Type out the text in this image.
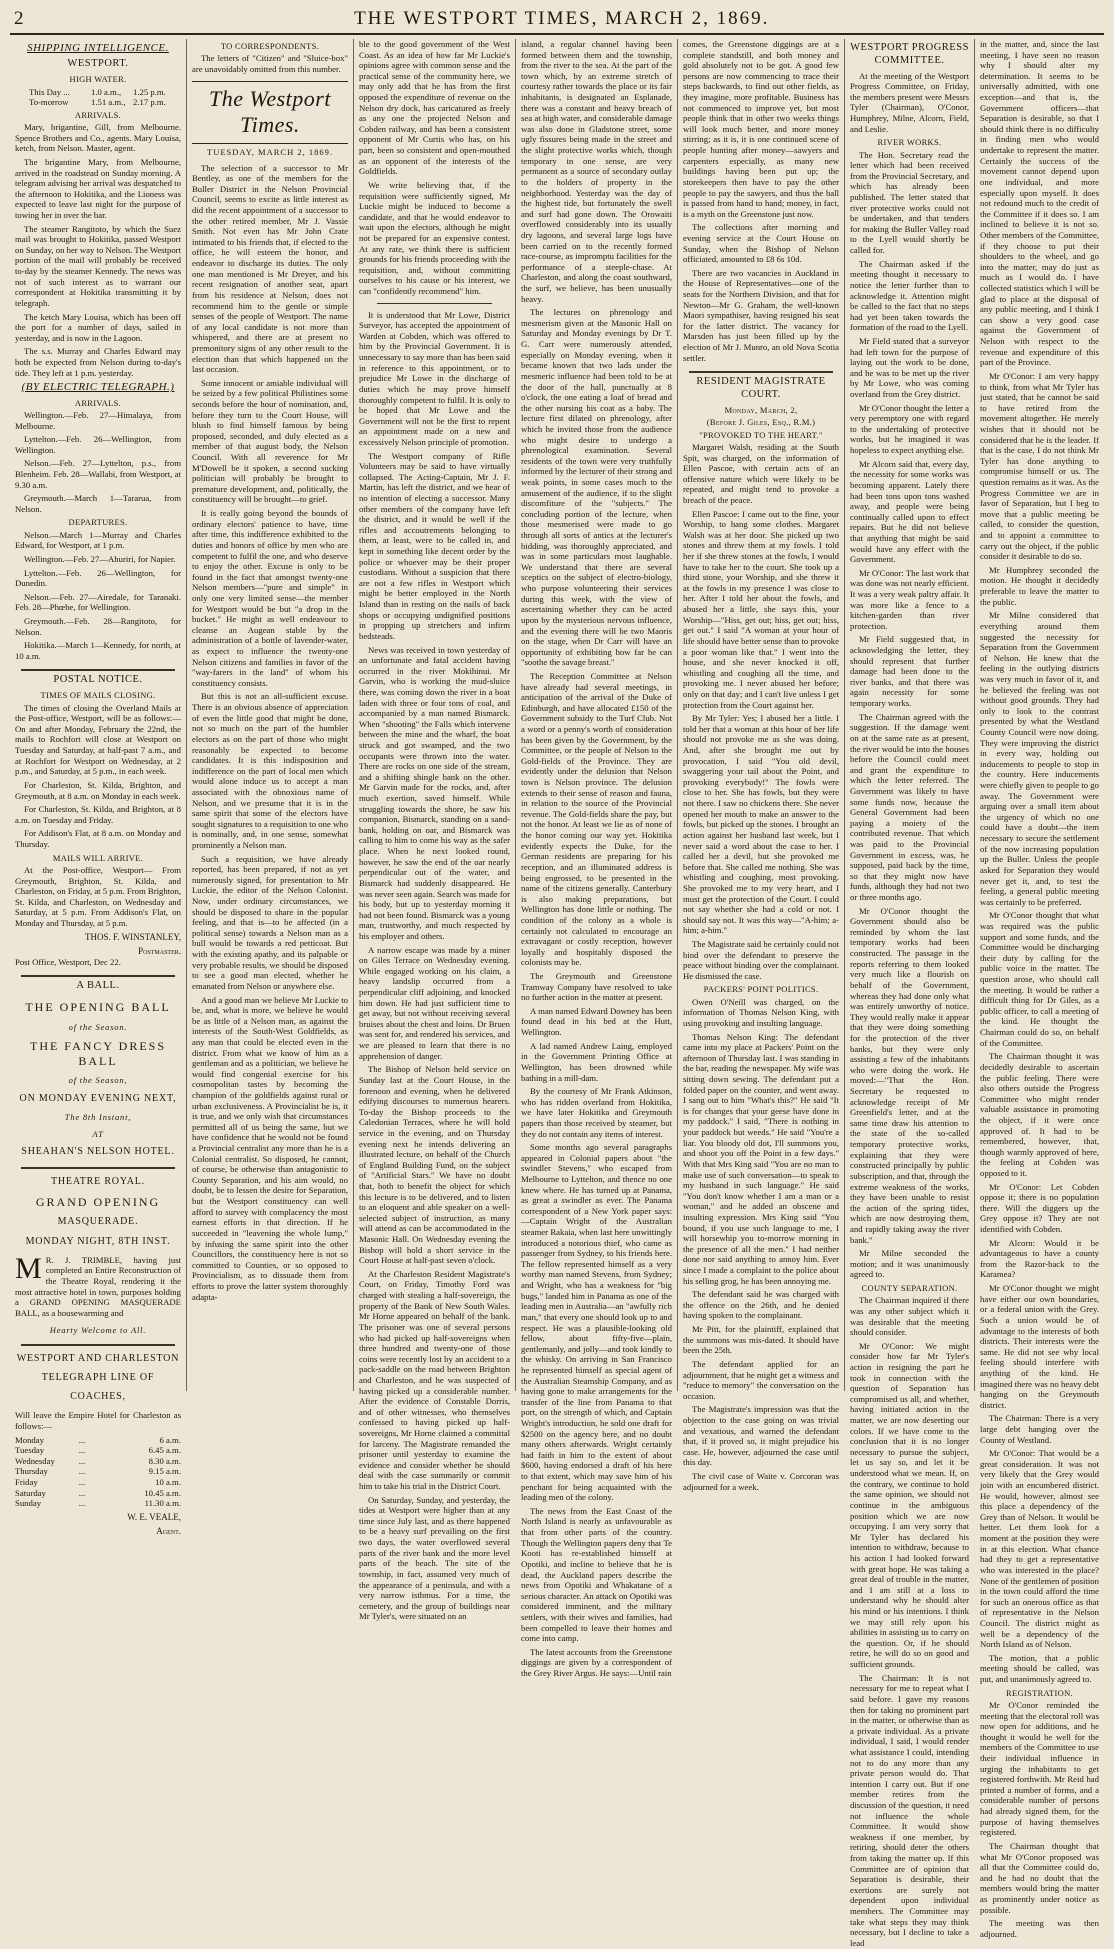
2	THE WESTPORT TIMES, MARCH 2, 1869.
SHIPPING INTELLIGENCE.
WESTPORT.
HIGH WATER.
This Day ...	1.0 a.m.,	1.25 p.m.
To-morrow	1.51 a.m., 2.17 p.m.
ARRIVALS.

Mary, brigantine, Gill, from Melbourne. Spence Brothers and Co., agents. Mary Louisa, ketch, from Nelson. Master, agent.

The brigantine Mary, from Melbourne, arrived in the roadstead on Sunday morning. A telegram advising her arrival was despatched to the afternoon to Hokitika, and the Lioness was expected to leave last night for the purpose of towing her in over the bar.

The steamer Rangitoto, by which the Suez mail was brought to Hokitika, passed Westport on Sunday, on her way to Nelson. The Westport portion of the mail will probably be received to-day by the steamer Kennedy. The news was not of such interest as to warrant our correspondent at Hokitika transmitting it by telegraph.

The ketch Mary Louisa, which has been off the port for a number of days, sailed in yesterday, and is now in the Lagoon.

The s.s. Murray and Charles Edward may both be expected from Nelson during to-day's tide. They left at 1 p.m. yesterday.

(BY ELECTRIC TELEGRAPH.)
ARRIVALS.

Wellington.—Feb. 27—Himalaya, from Melbourne.

Lyttelton.—Feb. 26—Wellington, from Wellington.

Nelson.—Feb. 27—Lyttelton, p.s., from Blenheim. Feb. 28—Wallabi, from Westport, at 9.30 a.m.

Greymouth.—March 1—Tararua, from Nelson.

DEPARTURES.

Nelson.—March 1—Murray and Charles Edward, for Westport, at 1 p.m.

Wellington.—Feb. 27—Ahuriri, for Napier.

Lyttelton.—Feb. 26—Wellington, for Dunedin.

Nelson.—Feb. 27—Airedale, for Taranaki. Feb. 28—Phœbe, for Wellington.

Greymouth.—Feb. 28—Rangitoto, for Nelson.

Hokitika.—March 1—Kennedy, for north, at 10 a.m.

POSTAL NOTICE.
TIMES OF MAILS CLOSING.

The times of closing the Overland Mails at the Post-office, Westport, will be as follows:—On and after Monday, February the 22nd, the mails to Rochfort will close at Westport on Tuesday and Saturday, at half-past 7 a.m., and at Rochfort for Westport on Wednesday, at 2 p.m., and Saturday, at 5 p.m., in each week.

For Charleston, St. Kilda, Brighton, and Greymouth, at 8 a.m. on Monday in each week.

For Charleston, St. Kilda, and Brighton, at 8 a.m. on Tuesday and Friday.

For Addison's Flat, at 8 a.m. on Monday and Thursday.

MAILS WILL ARRIVE.

At the Post-office, Westport— From Greymouth, Brighton, St. Kilda, and Charleston, on Friday, at 5 p.m. From Brighton, St. Kilda, and Charleston, on Wednesday and Saturday, at 5 p.m. From Addison's Flat, on Monday and Thursday, at 5 p.m.

THOS. F. WINSTANLEY,
Postmaster.

Post Office, Westport, Dec 22.

A BALL.
THE OPENING BALL
of the Season.
THE FANCY DRESS BALL
of the Season,
ON MONDAY EVENING NEXT,
The 8th Instant,
AT
SHEAHAN'S NELSON HOTEL.
THEATRE ROYAL.
GRAND OPENING
MASQUERADE.
MONDAY NIGHT, 8TH INST.

M R. J. TRIMBLE, having just completed an Entire Reconstruction of the Theatre Royal, rendering it the most attractive hotel in town, purposes holding a GRAND OPENING MASQUERADE BALL, as a housewarming and

Hearty Welcome to All.
WESTPORT AND CHARLESTON
TELEGRAPH LINE OF
COACHES,

Will leave the Empire Hotel for Charleston as follows:—

Monday	...	6 a.m.
Tuesday	...	6.45 a.m.
Wednesday	...	8.30 a.m.
Thursday	...	9.15 a.m.
Friday	...	10 a.m.
Saturday	...	10.45 a.m.
Sunday	...	11.30 a.m.
W. E. VEALE,
Agent.
TO CORRESPONDENTS.

The letters of "Citizen" and "Sluice-box" are unavoidably omitted from this number.

The Westport Times.
TUESDAY, MARCH 2, 1869.

The selection of a successor to Mr Bentley, as one of the members for the Buller District in the Nelson Provincial Council, seems to excite as little interest as did the recent appointment of a successor to the other retired member, Mr J. Vassie Smith. Not even has Mr John Crate intimated to his friends that, if elected to the office, he will esteem the honor, and endeavor to discharge its duties. The only one man mentioned is Mr Dreyer, and his recent resignation of another seat, apart from his residence at Nelson, does not recommend him to the gentle or simple senses of the people of Westport. The name of any local candidate is not more than whispered, and there are at present no premonitory signs of any other result to the election than that which happened on the last occasion.

Some innocent or amiable individual will be seized by a few political Philistines some seconds before the hour of nomination, and, before they turn to the Court House, will blush to find himself famous by being proposed, seconded, and duly elected as a member of that august body, the Nelson Council. With all reverence for Mr M'Dowell be it spoken, a second sucking politician will probably be brought to premature development, and, politically, the constituency will be brought—to grief.

It is really going beyond the bounds of ordinary electors' patience to have, time after time, this indifference exhibited to the duties and honors of office by men who are competent to fulfil the one, and who deserve to enjoy the other. Excuse is only to be found in the fact that amongst twenty-one Nelson members—"pure and simple" in only one very limited sense—the member for Westport would be but "a drop in the bucket." He might as well endeavour to cleanse an Augean stable by the administration of a bottle of lavender-water, as expect to influence the twenty-one Nelson citizens and families in favor of the "way-farers in the land" of whom his constituency consists.

But this is not an all-sufficient excuse. There is an obvious absence of appreciation of even the little good that might be done, not so much on the part of the humbler electors as on the part of those who might reasonably be expected to become candidates. It is this indisposition and indifference on the part of local men which would alone induce us to accept a man associated with the obnoxious name of Nelson, and we presume that it is in the same spirit that some of the electors have sought signatures to a requisition to one who is nominally, and, in one sense, somewhat prominently a Nelson man.

Such a requisition, we have already reported, has been prepared, if not as yet numerously signed, for presentation to Mr Luckie, the editor of the Nelson Colonist. Now, under ordinary circumstances, we should be disposed to share in the popular feeling, and that is—to be affected (in a political sense) towards a Nelson man as a bull would be towards a red petticoat. But with the existing apathy, and its palpable or very probable results, we should be disposed to see a good man elected, whether he emanated from Nelson or anywhere else.

And a good man we believe Mr Luckie to be, and, what is more, we believe he would be as little of a Nelson man, as against the interests of the South-West Goldfields, as any man that could be elected even in the district. From what we know of him as a gentleman and as a politician, we believe he would find congenial exercise for his cosmopolitan tastes by becoming the champion of the goldfields against rural or urban exclusiveness. A Provincialist he is, it is true, and we only wish that circumstances permitted all of us being the same, but we have confidence that he would not be found a Provincial centralist any more than he is a Colonial centralist. So disposed, he cannot, of course, be otherwise than antagonistic to County Separation, and his aim would, no doubt, be to lessen the desire for Separation, but the Westport constituency can well afford to survey with complacency the most earnest efforts in that direction. If he succeeded in "leavening the whole lump," by infusing the same spirit into the other Councillors, the constituency here is not so committed to Counties, or so opposed to Provincialism, as to dissuade them from efforts to prove the latter system thoroughly adapta-

ble to the good government of the West Coast. As an idea of how far Mr Luckie's opinions agree with common sense and the practical sense of the community here, we may only add that he has from the first opposed the expenditure of revenue on the Nelson dry dock, has caricatured as freely as any one the projected Nelson and Cobden railway, and has been a consistent opponent of Mr Curtis who has, on his part, been so consistent and open-mouthed as an opponent of the interests of the Goldfields.

We write believing that, if the requisition were sufficiently signed, Mr Luckie might be induced to become a candidate, and that he would endeavor to wait upon the electors, although he might not be prepared for an expensive contest. At any rate, we think there is sufficient grounds for his friends proceeding with the requisition, and, without committing ourselves to his cause or his interest, we can "confidently recommend" him.

It is understood that Mr Lowe, District Surveyor, has accepted the appointment of Warden at Cobden, which was offered to him by the Provincial Government. It is unnecessary to say more than has been said in reference to this appointment, or to prejudice Mr Lowe in the discharge of duties which he may prove himself thoroughly competent to fulfil. It is only to be hoped that Mr Lowe and the Government will not be the first to repent an appointment made on a new and excessively Nelson principle of promotion.

The Westport company of Rifle Volunteers may be said to have virtually collapsed. The Acting-Captain, Mr J. F. Martin, has left the district, and we hear of no intention of electing a successor. Many other members of the company have left the district, and it would be well if the rifles and accoutrements belonging to them, at least, were to be called in, and kept in something like decent order by the police or whoever may be their proper custodians. Without a suspicion that there are not a few rifles in Westport which might be better employed in the North Island than in resting on the nails of back shops or occupying undignified positions in propping up stretchers and infirm bedsteads.

News was received in town yesterday of an unfortunate and fatal accident having occurred in the river Mokihinui. Mr Garvin, who is working the mud-sluice there, was coming down the river in a boat laden with three or four tons of coal, and accompanied by a man named Bismarck. When "shooting" the Falls which intervene between the mine and the wharf, the boat struck and got swamped, and the two occupants were thrown into the water. There are rocks on one side of the stream, and a shifting shingle bank on the other. Mr Garvin made for the rocks, and, after much exertion, saved himself. While struggling towards the shore, he saw his companion, Bismarck, standing on a sand-bank, holding on oar, and Bismarck was calling to him to come his way as the safer place. When he next looked round, however, he saw the end of the oar nearly perpendicular out of the water, and Bismarck had suddenly disappeared. He was never seen again. Search was made for his body, but up to yesterday morning it had not been found. Bismarck was a young man, trustworthy, and much respected by his employer and others.

A narrow escape was made by a miner on Giles Terrace on Wednesday evening. While engaged working on his claim, a heavy landslip occurred from a perpendicular cliff adjoining, and knocked him down. He had just sufficient time to get away, but not without receiving several bruises about the chest and loins. Dr Bruen was sent for, and rendered his services, and we are pleased to learn that there is no apprehension of danger.

The Bishop of Nelson held service on Sunday last at the Court House, in the forenoon and evening, when he delivered edifying discourses to numerous hearers. To-day the Bishop proceeds to the Caledonian Terraces, where he will hold service in the evening, and on Thursday evening next he intends delivering an illustrated lecture, on behalf of the Church of England Building Fund, on the subject of "Artificial Stars." We have no doubt that, both to benefit the object for which this lecture is to be delivered, and to listen to an eloquent and able speaker on a well-selected subject of instruction, as many will attend as can be accommodated in the Masonic Hall. On Wednesday evening the Bishop will hold a short service in the Court House at half-past seven o'clock.

At the Charleston Resident Magistrate's Court, on Friday, Timothy Ford was charged with stealing a half-sovereign, the property of the Bank of New South Wales. Mr Horne appeared on behalf of the bank. The prisoner was one of several persons who had picked up half-sovereigns when three hundred and twenty-one of those coins were recently lost by an accident to a pack-saddle on the road between Brighton and Charleston, and he was suspected of having picked up a considerable number. After the evidence of Constable Dorris, and of other witnesses, who themselves confessed to having picked up half-sovereigns, Mr Horne claimed a committal for larceny. The Magistrate remanded the prisoner until yesterday to examine the evidence and consider whether he should deal with the case summarily or commit him to take his trial in the District Court.

On Saturday, Sunday, and yesterday, the tides at Westport were higher than at any time since July last, and as there happened to be a heavy surf prevailing on the first two days, the water overflowed several parts of the river bank and the more level parts of the beach. The site of the township, in fact, assumed very much of the appearance of a peninsula, and with a very narrow isthmus. For a time, the cemetery, and the group of buildings near Mr Tyler's, were situated on an

island, a regular channel having been formed between them and the township, from the river to the sea. At the part of the town which, by an extreme stretch of courtesy rather towards the place or its fair inhabitants, is designated an Esplanade, there was a constant and heavy breach of sea at high water, and considerable damage was also done in Gladstone street, some ugly fissures being made in the street and the slight protective works which, though temporary in one sense, are very permanent as a source of secondary outlay to the holders of property in the neighborhood. Yesterday was the day of the highest tide, but fortunately the swell and surf had gone down. The Orowaiti overflowed considerably into its usually dry lagoons, and several large logs have been carried on to the recently formed race-course, as impromptu facilities for the performance of a steeple-chase. At Charleston, and along the coast southward, the surf, we believe, has been unusually heavy.

The lectures on phrenology and mesmerism given at the Masonic Hall on Saturday and Monday evenings by Dr T. G. Carr were numerously attended, especially on Monday evening, when it became known that two lads under the mesmeric influence had been told to be at the door of the hall, punctually at 8 o'clock, the one eating a loaf of bread and the other nursing his coat as a baby. The lecture first dilated on phrenology, after which he invited those from the audience who might desire to undergo a phrenological examination. Several residents of the town were very truthfully informed by the lecturer of their strong and weak points, in some cases much to the amusement of the audience, if to the slight discomfiture of the "subjects." The concluding portion of the lecture, when those mesmerised were made to go through all sorts of antics at the lecturer's bidding, was thoroughly appreciated, and was in some particulars most laughable. We understand that there are several sceptics on the subject of electro-biology, who purpose volunteering their services during this week, with the view of ascertaining whether they can be acted upon by the mysterious nervous influence, and the evening there will be two Maoris on the stage, when Dr Carr will have an opportunity of exhibiting how far he can "soothe the savage breast."

The Reception Committee at Nelson have already had several meetings, in anticipation of the arrival of the Duke of Edinburgh, and have allocated £150 of the Government subsidy to the Turf Club. Not a word or a penny's worth of consideration has been given by the Government, by the Committee, or the people of Nelson to the Gold-fields of the Province. They are evidently under the delusion that Nelson town is Nelson province. The delusion extends to their sense of reason and fauna, in relation to the source of the Provincial revenue. The Gold-fields share the pay, but not the honor. At least we lie as of none of the honor coming our way yet. Hokitika evidently expects the Duke, for the German residents are preparing for his reception, and an illuminated address is being engrossed, to be presented in the name of the citizens generally. Canterbury is also making preparations, but Wellington has done little or nothing. The condition of the colony as a whole is certainly not calculated to encourage an extravagant or costly reception, however loyally and hospitably disposed the colonists may be.

The Greymouth and Greenstone Tramway Company have resolved to take no further action in the matter at present.

A man named Edward Downey has been found dead in his bed at the Hutt, Wellington.

A lad named Andrew Laing, employed in the Government Printing Office at Wellington, has been drowned while bathing in a mill-dam.

By the courtesy of Mr Frank Atkinson, who has ridden overland from Hokitika, we have later Hokitika and Greymouth papers than those received by steamer, but they do not contain any items of interest.

Some months ago several paragraphs appeared in Colonial papers about "the swindler Stevens," who escaped from Melbourne to Lyttelton, and thence no one knew where. He has turned up at Panama, as great a swindler as ever. The Panama correspondent of a New York paper says:—Captain Wright of the Australian steamer Rakaia, when last here unwittingly introduced a notorious thief, who came as passenger from Sydney, to his friends here. The fellow represented himself as a very worthy man named Stevens, from Sydney; and Wright, who has a weakness for "big bugs," landed him in Panama as one of the leading men in Australia—an "awfully rich man," that every one should look up to and respect. He was a plausible-looking old fellow, about fifty-five—plain, gentlemanly, and jolly—and took kindly to the whisky. On arriving in San Francisco he represented himself as special agent of the Australian Steamship Company, and as having gone to make arrangements for the transfer of the line from Panama to that port, on the strength of which, and Captain Wright's introduction, he sold one draft for $2500 on the agency here, and no doubt many others afterwards. Wright certainly had faith in him to the extent of about $600, having endorsed a draft of his here to that extent, which may save him of his penchant for being acquainted with the leading men of the colony.

The news from the East Coast of the North Island is nearly as unfavourable as that from other parts of the country. Though the Wellington papers deny that Te Kooti has re-established himself at Opotiki, and incline to believe that he is dead, the Auckland papers describe the news from Opotiki and Whakatane of a serious character. An attack on Opotiki was considered imminent, and the military settlers, with their wives and families, had been compelled to leave their homes and come into camp.

The latest accounts from the Greenstone diggings are given by a correspondent of the Grey River Argus. He says:—Until rain

comes, the Greenstone diggings are at a complete standstill, and both money and gold absolutely not to be got. A good few persons are now commencing to trace their steps backwards, to find out other fields, as they imagine, more profitable. Business has not commenced to improve yet, but most people think that in other two weeks things will look much better, and more money stirring; as it is, it is one continued scene of people hunting after money—sawyers and carpenters especially, as many new buildings having been put up; the storekeepers then have to pay the other people to pay the sawyers, and thus the ball is passed from hand to hand; money, in fact, is a myth on the Greenstone just now.

The collections after morning and evening service at the Court House on Sunday, when the Bishop of Nelson officiated, amounted to £8 6s 10d.

There are two vacancies in Auckland in the House of Representatives—one of the seats for the Northern Division, and that for Newton—Mr G. Graham, the well-known Maori sympathiser, having resigned his seat for the latter district. The vacancy for Marsden has just been filled up by the election of Mr J. Munro, an old Nova Scotia settler.

RESIDENT MAGISTRATE COURT.
Monday, March, 2,
(Before J. Giles, Esq., R.M.)
"PROVOKED TO THE HEART."

Margaret Walsh, residing at the South Spit, was charged, on the information of Ellen Pascoe, with certain acts of an offensive nature which were likely to be repeated, and might tend to provoke a breach of the peace.

Ellen Pascoe: I came out to the fine, your Worship, to hang some clothes. Margaret Walsh was at her door. She picked up two stones and threw them at my fowls. I told her if she threw stones at the fowls, I would have to take her to the court. She took up a third stone, your Worship, and she threw it at the fowls in my presence I was close to her. After I told her about the fowls, and abused her a little, she says this, your Worship—"Hiss, get out; hiss, get out; hiss, get out." I said "A woman at your hour of life should have better sense than to provoke a poor woman like that." I went into the house, and she never knocked it off, whistling and coughing all the time, and provoking me. I never abused her before; only on that day; and I can't live unless I get protection from the Court against her.

By Mr Tyler: Yes; I abused her a little. I told her that a woman at this hour of her life should not provoke me as she was doing. And, after she brought me out by provocation, I said "You old devil, swaggering your tail about the Point, and provoking everybody!" The fowls were close to her. She has fowls, but they were not there. I saw no chickens there. She never opened her mouth to make an answer to the fowls, but picked up the stones. I brought an action against her husband last week, but I never said a word about the case to her. I called her a devil, but she provoked me before that. She called me nothing. She was whistling and coughing, most provoking. She provoked me to my very heart, and I must get the protection of the Court. I could not say whether she had a cold or not. I should say not. It was this way—"A-him; a-him; a-him."

The Magistrate said he certainly could not bind over the defendant to preserve the peace without binding over the complainant. He dismissed the case.

PACKERS' POINT POLITICS.

Owen O'Neill was charged, on the information of Thomas Nelson King, with using provoking and insulting language.

Thomas Nelson King: The defendant came into my place at Packers' Point on the afternoon of Thursday last. I was standing in the bar, reading the newspaper. My wife was sitting down sewing. The defendant put a folded paper on the counter, and went away. I sang out to him "What's this?" He said "It is for changes that your geese have done in my paddock." I said, "There is nothing in your paddock but weeds." He said "You're a liar. You bloody old dot, I'll summons you, and shoot you off the Point in a few days." With that Mrs King said "You are no man to make use of such conversation—to speak to my husband in such language." He said "You don't know whether I am a man or a woman," and he added an obscene and insulting expression. Mrs King said "You bound, if you use such language to me, I will horsewhip you to-morrow morning in the presence of all the men." I had neither done nor said anything to annoy him. Ever since I made a complaint to the police about his selling grog, he has been annoying me.

The defendant said he was charged with the offence on the 26th, and he denied having spoken to the complainant.

Mr Pitt, for the plaintiff, explained that the summons was mis-dated. It should have been the 25th.

The defendant applied for an adjournment, that he might get a witness and "reduce to memory" the conversation on the occasion.

The Magistrate's impression was that the objection to the case going on was trivial and vexatious, and warned the defendant that, if it proved so, it might prejudice his case. He, however, adjourned the case until this day.

The civil case of Waite v. Corcoran was adjourned for a week.

WESTPORT PROGRESS COMMITTEE.

At the meeting of the Westport Progress Committee, on Friday, the members present were Messrs Tyler (Chairman), O'Conor, Humphrey, Milne, Alcorn, Field, and Leslie.

RIVER WORKS.

The Hon. Secretary read the letter which had been received from the Provincial Secretary, and which has already been published. The letter stated that river protective works could not be undertaken, and that tenders for making the Buller Valley road to the Lyell would shortly be called for.

The Chairman asked if the meeting thought it necessary to notice the letter further than to acknowledge it. Attention might be called to the fact that no steps had yet been taken towards the formation of the road to the Lyell.

Mr Field stated that a surveyor had left town for the purpose of laying out the work to be done, and he was to be met up the river by Mr Lowe, who was coming overland from the Grey district.

Mr O'Conor thought the letter a very peremptory one with regard to the undertaking of protective works, but he imagined it was hopeless to expect anything else.

Mr Alcorn said that, every day, the necessity for some works was becoming apparent. Lately there had been tons upon tons washed away, and people were being continually called upon to effect repairs. But he did not believe that anything that might be said would have any effect with the Government.

Mr O'Conor: The last work that was done was not nearly efficient. It was a very weak paltry affair. It was more like a fence to a kitchen-garden than river protection.

Mr Field suggested that, in acknowledging the letter, they should represent that further damage had been done to the river banks, and that there was again necessity for some temporary works.

The Chairman agreed with the suggestion. If the damage went on at the same rate as at present, the river would be into the houses before the Council could meet and grant the expenditure to which the letter referred. The Government was likely to have some funds now, because the General Government had been paying a moiety of the contributed revenue. That which was paid to the Provincial Government in excess, was, he supposed, paid back by the time, so that they might now have funds, although they had not two or three months ago.

Mr O'Conor thought the Government should also be reminded by whom the last temporary works had been constructed. The passage in the reports referring to them looked very much like a flourish on behalf of the Government, whereas they had done only what was entirely unworthy of notice. They would really make it appear that they were doing something for the protection of the river banks, but they were only assisting a few of the inhabitants who were doing the work. He moved:—"That the Hon. Secretary be requested to acknowledge receipt of Mr Greenfield's letter, and at the same time draw his attention to the state of the so-called temporary protective works, explaining that they were constructed principally by public subscription, and that, through the extreme weakness of the works, they have been unable to resist the action of the spring tides, which are now destroying them, and rapidly taking away the river bank."

Mr Milne seconded the motion; and it was unanimously agreed to.

COUNTY SEPARATION.

The Chairman inquired if there was any other subject which it was desirable that the meeting should consider.

Mr O'Conor: We might consider how far Mr Tyler's action in resigning the part he took in connection with the question of Separation has compromised us all, and whether, having initiated action in the matter, we are now deserting our colors. If we have come to the conclusion that it is no longer necessary to pursue the subject, let us say so, and let it be understood what we mean. If, on the contrary, we continue to hold the same opinion, we should not continue in the ambiguous position which we are now occupying. I am very sorry that Mr Tyler has declared his intention to withdraw, because to his action I had looked forward with great hope. He was taking a great deal of trouble in the matter, and I am still at a loss to understand why he should alter his mind or his intentions. I think we may still rely upon his abilities in assisting us to carry on the question. Or, if he should retire, he will do so on good and sufficient grounds.

The Chairman: It is not necessary for me to repeat what I said before. I gave my reasons then for taking no prominent part in the matter, or otherwise than as a private individual. As a private individual, I said, I would render what assistance I could, intending not to do any more than any private person would do. That intention I carry out. But if one member retires from the discussion of the question, it need not influence the whole Committee. It would show weakness if one member, by retiring, should deter the others from taking the matter up. If this Committee are of opinion that Separation is desirable, their exertions are surely not dependent upon individual members. The Committee may take what steps they may think necessary, but I decline to take a lead

in the matter, and, since the last meeting, I have seen no reason why I should alter my determination. It seems to be universally admitted, with one exception—and that is, the Government officers—that Separation is desirable, so that I should think there is no difficulty in finding men who would undertake to represent the matter. Certainly the success of the movement cannot depend upon one individual, and more especially upon myself. It does not redound much to the credit of the Committee if it does so. I am inclined to believe it is not so. Other members of the Committee, if they choose to put their shoulders to the wheel, and go into the matter, may do just as much as I would do. I have collected statistics which I will be glad to place at the disposal of any public meeting, and I think I can show a very good case against the Government of Nelson with respect to the revenue and expenditure of this part of the Province.

Mr O'Conor: I am very happy to think, from what Mr Tyler has just stated, that he cannot be said to have retired from the movement altogether. He merely wishes that it should not be considered that he is the leader. If that is the case, I do not think Mr Tyler has done anything to compromise himself or us. The question remains as it was. As the Progress Committee we are in favor of Separation, but I beg to move that a public meeting be called, to consider the question, and to appoint a committee to carry out the object, if the public consider it desirable to do so.

Mr Humphrey seconded the motion. He thought it decidedly preferable to leave the matter to the public.

Mr Milne considered that everything around them suggested the necessity for Separation from the Government of Nelson. He knew that the feeling in the outlying districts was very much in favor of it, and he believed the feeling was not without good grounds. They had only to look to the contrast presented by what the Westland County Council were now doing. They were improving the district in every way, holding out inducements to people to stop in the country. Here inducements were chiefly given to people to go away. The Government were arguing over a small item about the urgency of which no one could have a doubt—the item necessary to secure the settlement of the now increasing population up the Buller. Unless the people asked for Separation they would never get it, and, to test the feeling, a general public meeting was certainly to be preferred.

Mr O'Conor thought that what was required was the public support and some funds, and the Committee would be discharging their duty by calling for the public voice in the matter. The question arose, who should call the meeting. It would be rather a difficult thing for Dr Giles, as a public officer, to call a meeting of the kind. He thought the Chairman could do so, on behalf of the Committee.

The Chairman thought it was decidedly desirable to ascertain the public feeling. There were also others outside the Progress Committee who might render valuable assistance in promoting the object, if it were once approved of. It had to be remembered, however, that, though warmly approved of here, the feeling at Cobden was opposed to it.

Mr O'Conor: Let Cobden oppose it; there is no population there. Will the diggers up the Grey oppose it? They are not identified with Cobden.

Mr Alcorn: Would it be advantageous to have a county from the Razor-back to the Karamea?

Mr O'Conor thought we might have either our own boundaries, or a federal union with the Grey. Such a union would be of advantage to the interests of both districts. Their interests were the same. He did not see why local feeling should interfere with anything of the kind. He imagined there was no heavy debt hanging on the Greymouth district.

The Chairman: There is a very large debt hanging over the County of Westland.

Mr O'Conor: That would be a great consideration. It was not very likely that the Grey would join with an encumbered district. He would, however, almost see this place a dependency of the Grey than of Nelson. It would be better. Let them look for a moment at the position they were in at this election. What chance had they to get a representative who was interested in the place? None of the gentlemen of position in the town could afford the time for such an onerous office as that of representative in the Nelson Council. The district might as well be a dependency of the North Island as of Nelson.

The motion, that a public meeting should be called, was put, and unanimously agreed to.

REGISTRATION.

Mr O'Conor reminded the meeting that the electoral roll was now open for additions, and he thought it would be well for the members of the Committee to use their individual influence in urging the inhabitants to get registered forthwith. Mr Reid had printed a number of forms, and a considerable number of persons had already signed them, for the purpose of having themselves registered.

The Chairman thought that what Mr O'Conor proposed was all that the Committee could do, and he had no doubt that the members would bring the matter as prominently under notice as possible.

The meeting was then adjourned.
